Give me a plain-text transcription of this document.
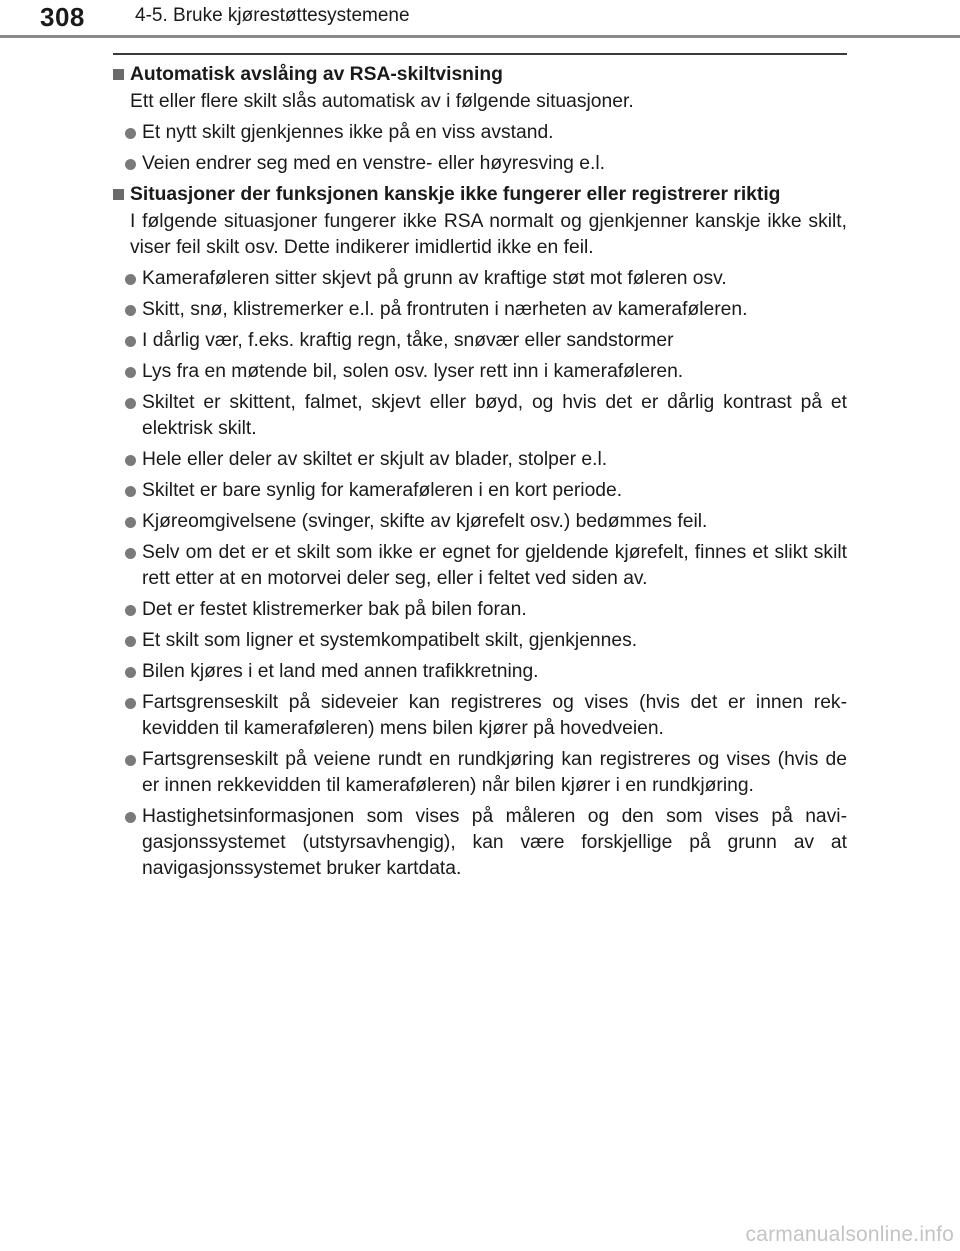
308	4-5. Bruke kjørestøttesystemene
Automatisk avslåing av RSA-skiltvisning
Ett eller flere skilt slås automatisk av i følgende situasjoner.
Et nytt skilt gjenkjennes ikke på en viss avstand.
Veien endrer seg med en venstre- eller høyresving e.l.
Situasjoner der funksjonen kanskje ikke fungerer eller registrerer riktig
I følgende situasjoner fungerer ikke RSA normalt og gjenkjenner kanskje ikke skilt, viser feil skilt osv. Dette indikerer imidlertid ikke en feil.
Kameraføleren sitter skjevt på grunn av kraftige støt mot føleren osv.
Skitt, snø, klistremerker e.l. på frontruten i nærheten av kameraføleren.
I dårlig vær, f.eks. kraftig regn, tåke, snøvær eller sandstormer
Lys fra en møtende bil, solen osv. lyser rett inn i kameraføleren.
Skiltet er skittent, falmet, skjevt eller bøyd, og hvis det er dårlig kontrast på et elektrisk skilt.
Hele eller deler av skiltet er skjult av blader, stolper e.l.
Skiltet er bare synlig for kameraføleren i en kort periode.
Kjøreomgivelsene (svinger, skifte av kjørefelt osv.) bedømmes feil.
Selv om det er et skilt som ikke er egnet for gjeldende kjørefelt, finnes et slikt skilt rett etter at en motorvei deler seg, eller i feltet ved siden av.
Det er festet klistremerker bak på bilen foran.
Et skilt som ligner et systemkompatibelt skilt, gjenkjennes.
Bilen kjøres i et land med annen trafikkretning.
Fartsgrenseskilt på sideveier kan registreres og vises (hvis det er innen rekkevidden til kameraføleren) mens bilen kjører på hovedveien.
Fartsgrenseskilt på veiene rundt en rundkjøring kan registreres og vises (hvis de er innen rekkevidden til kameraføleren) når bilen kjører i en rundkjøring.
Hastighetsinformasjonen som vises på måleren og den som vises på navigasjonssystemet (utstyrsavhengig), kan være forskjellige på grunn av at navigasjonssystemet bruker kartdata.
carmanualsonline.info
